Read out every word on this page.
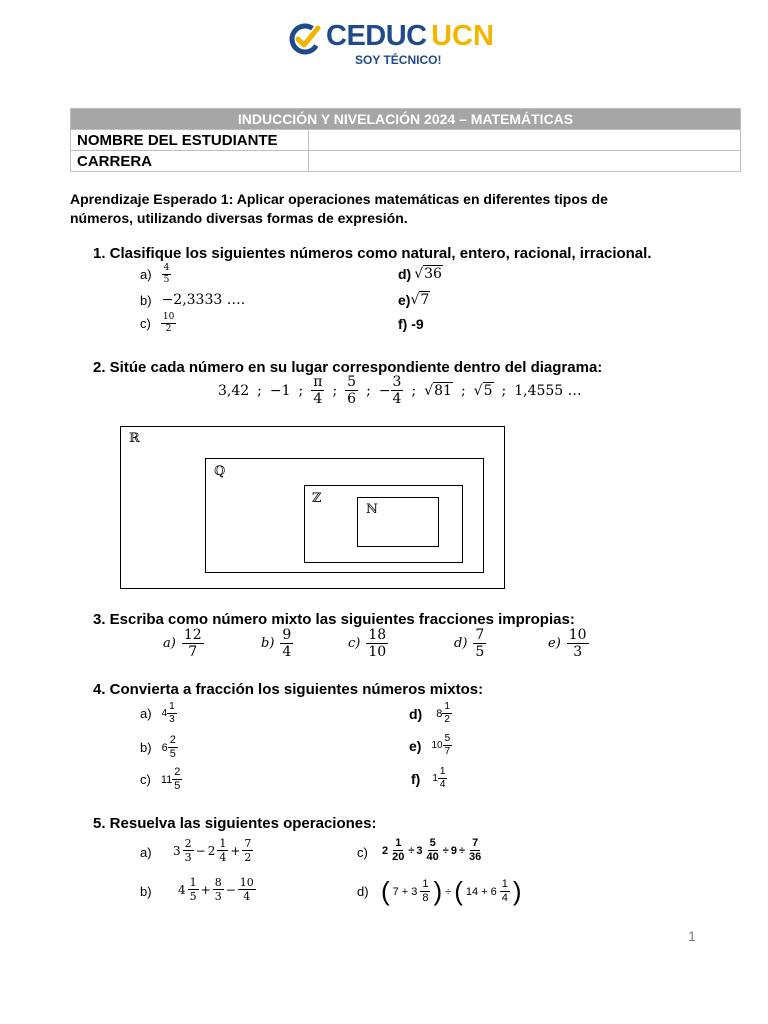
CEDUC UCN
SOY TÉCNICO!
INDUCCIÓN Y NIVELACIÓN 2024 – MATEMÁTICAS	
NOMBRE DEL ESTUDIANTE	
CARRERA	
Aprendizaje Esperado 1: Aplicar operaciones matemáticas en diferentes tipos de
números, utilizando diversas formas de expresión.
1. Clasifique los siguientes números como natural, entero, racional, irracional.
$a) \frac{4}{5}$
b) −2,3333 ….
$c) \frac{10}{2}$
d) √36
e) √7
f) -9
2. Sitúe cada número en su lugar correspondiente dentro del diagrama:
3,42 ; −1 ; $\frac{\pi}{4}$ ; $\frac{5}{6}$ ; − $\frac{3}{4}$ ; √81 ; √5 ; 1,4555 …
ℝ
ℚ
ℤ
ℕ
3. Escriba como número mixto las siguientes fracciones impropias:
$a) \frac{12}{7}$	$b) \frac{9}{4}$	$c) \frac{18}{10}$	$d) \frac{7}{5}$	$e) \frac{10}{3}$
4. Convierta a fracción los siguientes números mixtos:
a) $4 \frac{1}{3}$
b) $6 \frac{2}{5}$
c) $11 \frac{2}{5}$
d) $8 \frac{1}{2}$
e) $10 \frac{5}{7}$
f) $1 \frac{1}{4}$
5. Resuelva las siguientes operaciones:
a) $3 \frac{2}{3} - 2 \frac{1}{4} + \frac{7}{2}$
b) $4 \frac{1}{5} + \frac{8}{3} - \frac{10}{4}$
c) $2 \frac{1}{20} \div 3 \frac{5}{40} \div 9 \div \frac{7}{36}$
d) ( $7 + 3 \frac{1}{8}$ ) ÷ ( $14 + 6 \frac{1}{4}$ )
1
